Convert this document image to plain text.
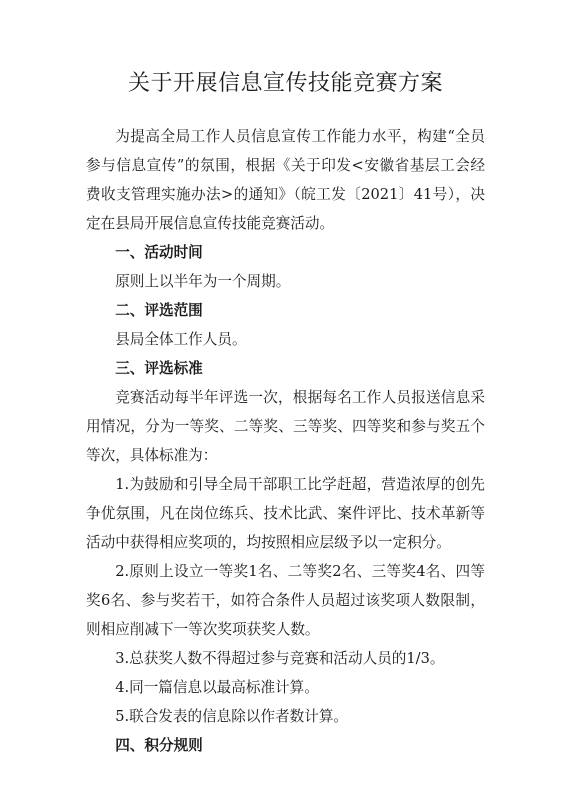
关于开展信息宣传技能竞赛方案

为提高全局工作人员信息宣传工作能力水平，构建“全员参与信息宣传”的氛围，根据《关于印发<安徽省基层工会经费收支管理实施办法>的通知》（皖工发〔2021〕41号），决定在县局开展信息宣传技能竞赛活动。

一、活动时间

原则上以半年为一个周期。

二、评选范围

县局全体工作人员。

三、评选标准

竞赛活动每半年评选一次，根据每名工作人员报送信息采用情况，分为一等奖、二等奖、三等奖、四等奖和参与奖五个等次，具体标准为：

1.为鼓励和引导全局干部职工比学赶超，营造浓厚的创先争优氛围，凡在岗位练兵、技术比武、案件评比、技术革新等活动中获得相应奖项的，均按照相应层级予以一定积分。

2.原则上设立一等奖1名、二等奖2名、三等奖4名、四等奖6名、参与奖若干，如符合条件人员超过该奖项人数限制，则相应削减下一等次奖项获奖人数。

3.总获奖人数不得超过参与竞赛和活动人员的1/3。

4.同一篇信息以最高标准计算。

5.联合发表的信息除以作者数计算。

四、积分规则
